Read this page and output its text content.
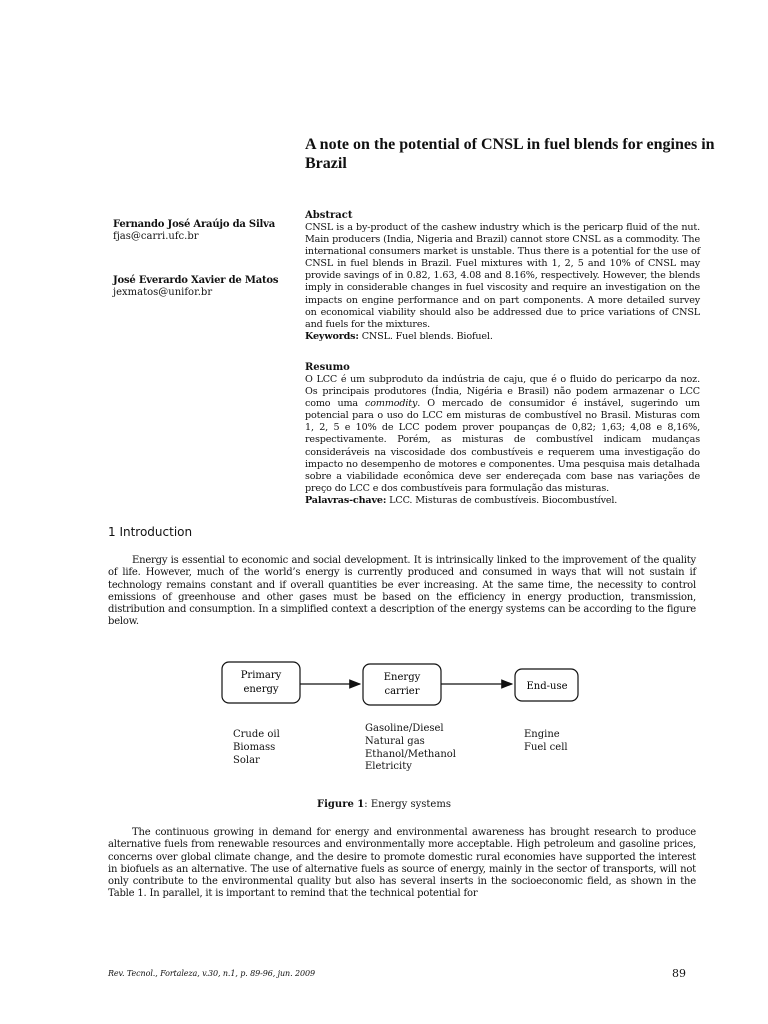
A note on the potential of CNSL in fuel blends for engines in Brazil
Fernando José Araújo da Silva
fjas@carri.ufc.br
José Everardo Xavier de Matos
jexmatos@unifor.br
Abstract
CNSL is a by-product of the cashew industry which is the pericarp fluid of the nut. Main producers (India, Nigeria and Brazil) cannot store CNSL as a commodity. The international consumers market is unstable. Thus there is a potential for the use of CNSL in fuel blends in Brazil. Fuel mixtures with 1, 2, 5 and 10% of CNSL may provide savings of in 0.82, 1.63, 4.08 and 8.16%, respectively. However, the blends imply in considerable changes in fuel viscosity and require an investigation on the impacts on engine performance and on part components. A more detailed survey on economical viability should also be addressed due to price variations of CNSL and fuels for the mixtures.
Keywords: CNSL. Fuel blends. Biofuel.
Resumo
O LCC é um subproduto da indústria de caju, que é o fluido do pericarpo da noz. Os principais produtores (Índia, Nigéria e Brasil) não podem armazenar o LCC como uma commodity. O mercado de consumidor é instável, sugerindo um potencial para o uso do LCC em misturas de combustível no Brasil. Misturas com 1, 2, 5 e 10% de LCC podem prover poupanças de 0,82; 1,63; 4,08 e 8,16%, respectivamente. Porém, as misturas de combustível indicam mudanças consideráveis na viscosidade dos combustíveis e requerem uma investigação do impacto no desempenho de motores e componentes. Uma pesquisa mais detalhada sobre a viabilidade econômica deve ser endereçada com base nas variações de preço do LCC e dos combustíveis para formulação das misturas.
Palavras-chave: LCC. Misturas de combustíveis. Biocombustível.
1 Introduction
Energy is essential to economic and social development. It is intrinsically linked to the improvement of the quality of life. However, much of the world’s energy is currently produced and consumed in ways that will not sustain if technology remains constant and if overall quantities be ever increasing. At the same time, the necessity to control emissions of greenhouse and other gases must be based on the efficiency in energy production, transmission, distribution and consumption. In a simplified context a description of the energy systems can be according to the figure below.
Primary
energy
Energy
carrier	End-use
Crude oil
Biomass
Solar
Gasoline/Diesel
Natural gas
Ethanol/Methanol
Eletricity
Engine
Fuel cell
Figure 1: Energy systems
The continuous growing in demand for energy and environmental awareness has brought research to produce alternative fuels from renewable resources and environmentally more acceptable. High petroleum and gasoline prices, concerns over global climate change, and the desire to promote domestic rural economies have supported the interest in biofuels as an alternative. The use of alternative fuels as source of energy, mainly in the sector of transports, will not only contribute to the environmental quality but also has several inserts in the socioeconomic field, as shown in the Table 1. In parallel, it is important to remind that the technical potential for
Rev. Tecnol., Fortaleza, v.30, n.1, p. 89-96, jun. 2009	89
